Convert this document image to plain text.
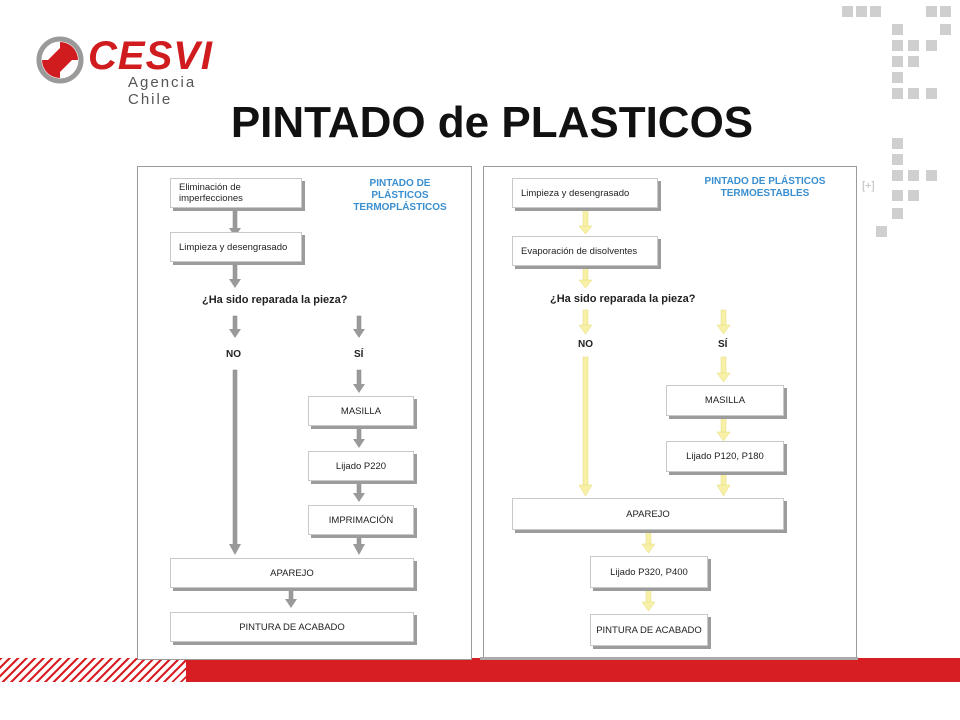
CESVI
Agencia Chile	PINTADO de PLASTICOS
[+]
PINTADO DE PLÁSTICOS TERMOPLÁSTICOS
Eliminación de imperfecciones
Limpieza y desengrasado
¿Ha sido reparada la pieza?
NO	SÍ
MASILLA
Lijado P220
IMPRIMACIÓN
APAREJO
PINTURA DE ACABADO
PINTADO DE PLÁSTICOS TERMOESTABLES
Limpieza y desengrasado
Evaporación de disolventes
¿Ha sido reparada la pieza?
NO	SÍ
MASILLA
Lijado P120, P180
APAREJO
Lijado P320, P400
PINTURA DE ACABADO
